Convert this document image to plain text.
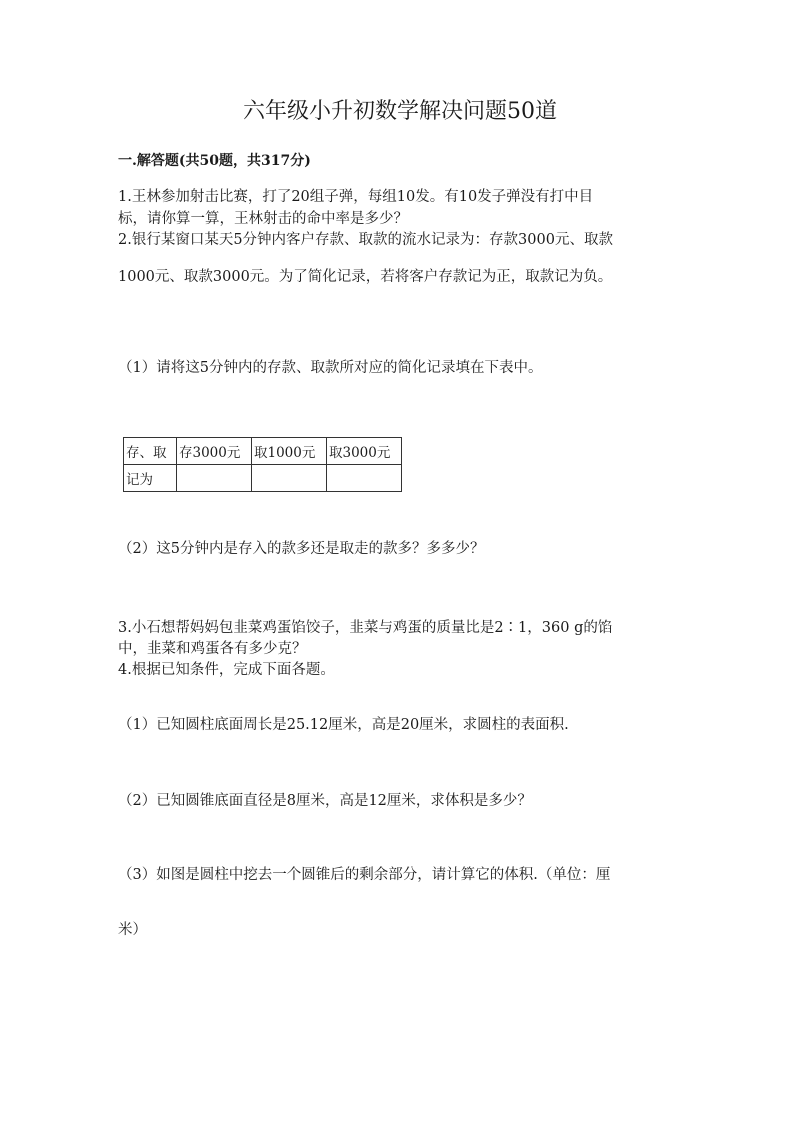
六年级小升初数学解决问题50道
一.解答题(共50题，共317分)
1.王林参加射击比赛，打了20组子弹，每组10发。有10发子弹没有打中目
标，请你算一算，王林射击的命中率是多少？
2.银行某窗口某天5分钟内客户存款、取款的流水记录为：存款3000元、取款
1000元、取款3000元。为了简化记录，若将客户存款记为正，取款记为负。
（1）请将这5分钟内的存款、取款所对应的简化记录填在下表中。
存、取	存3000元	取1000元	取3000元
记为			
（2）这5分钟内是存入的款多还是取走的款多？多多少？
3.小石想帮妈妈包韭菜鸡蛋馅饺子，韭菜与鸡蛋的质量比是2∶1，360 g的馅
中，韭菜和鸡蛋各有多少克？
4.根据已知条件，完成下面各题。
（1）已知圆柱底面周长是25.12厘米，高是20厘米，求圆柱的表面积.
（2）已知圆锥底面直径是8厘米，高是12厘米，求体积是多少？
（3）如图是圆柱中挖去一个圆锥后的剩余部分，请计算它的体积.（单位：厘
米）
